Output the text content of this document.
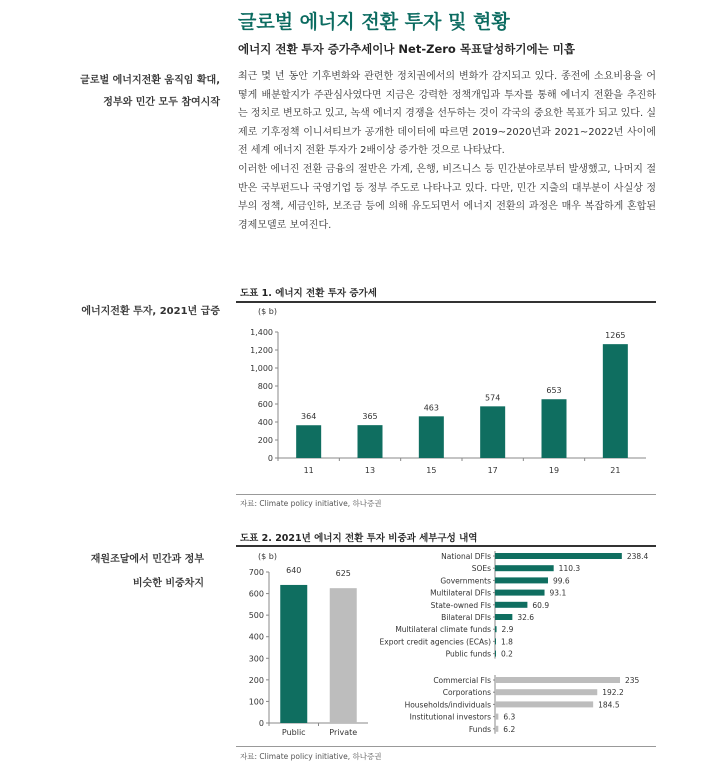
글로벌 에너지 전환 투자 및 현황
에너지 전환 투자 증가추세이나 Net-Zero 목표달성하기에는 미흡
글로벌 에너지전환 움직임 확대,
정부와 민간 모두 참여시작
에너지전환 투자, 2021년 급증
재원조달에서 민간과 정부
비슷한 비중차지

최근 몇 년 동안 기후변화와 관련한 정치권에서의 변화가 감지되고 있다. 종전에 소요비용을 어떻게 배분할지가 주관심사였다면 지금은 강력한 정책개입과 투자를 통해 에너지 전환을 추진하는 정치로 변모하고 있고, 녹색 에너지 경쟁을 선두하는 것이 각국의 중요한 목표가 되고 있다. 실제로 기후정책 이니셔티브가 공개한 데이터에 따르면 2019~2020년과 2021~2022년 사이에 전 세계 에너지 전환 투자가 2배이상 증가한 것으로 나타났다.

이러한 에너진 전환 금융의 절반은 가계, 은행, 비즈니스 등 민간분야로부터 발생했고, 나머지 절반은 국부펀드나 국영기업 등 정부 주도로 나타나고 있다. 다만, 민간 지출의 대부분이 사실상 정부의 정책, 세금인하, 보조금 등에 의해 유도되면서 에너지 전환의 과정은 매우 복잡하게 혼합된 경제모델로 보여진다.

도표 1. 에너지 전환 투자 증가세
($ b)
0
200
400
600
800
1,000
1,200
1,400
364
11
365
13
463
15
574
17
653
19
1265
21
자료: Climate policy initiative, 하나증권
도표 2. 2021년 에너지 전환 투자 비중과 세부구성 내역
($ b)
0
100
200
300
400
500
600
700	640
Public
625
Private
National DFIs	238.4
SOEs	110.3
Governments	99.6
Multilateral DFIs	93.1
State-owned FIs	60.9
Bilateral DFIs	32.6
Multilateral climate funds 2.9
Export credit agencies (ECAs) 1.8
Public funds 0.2
Commercial FIs	235
Corporations	192.2
Households/individuals	184.5
Institutional investors 6.3
Funds 6.2
자료: Climate policy initiative, 하나증권
